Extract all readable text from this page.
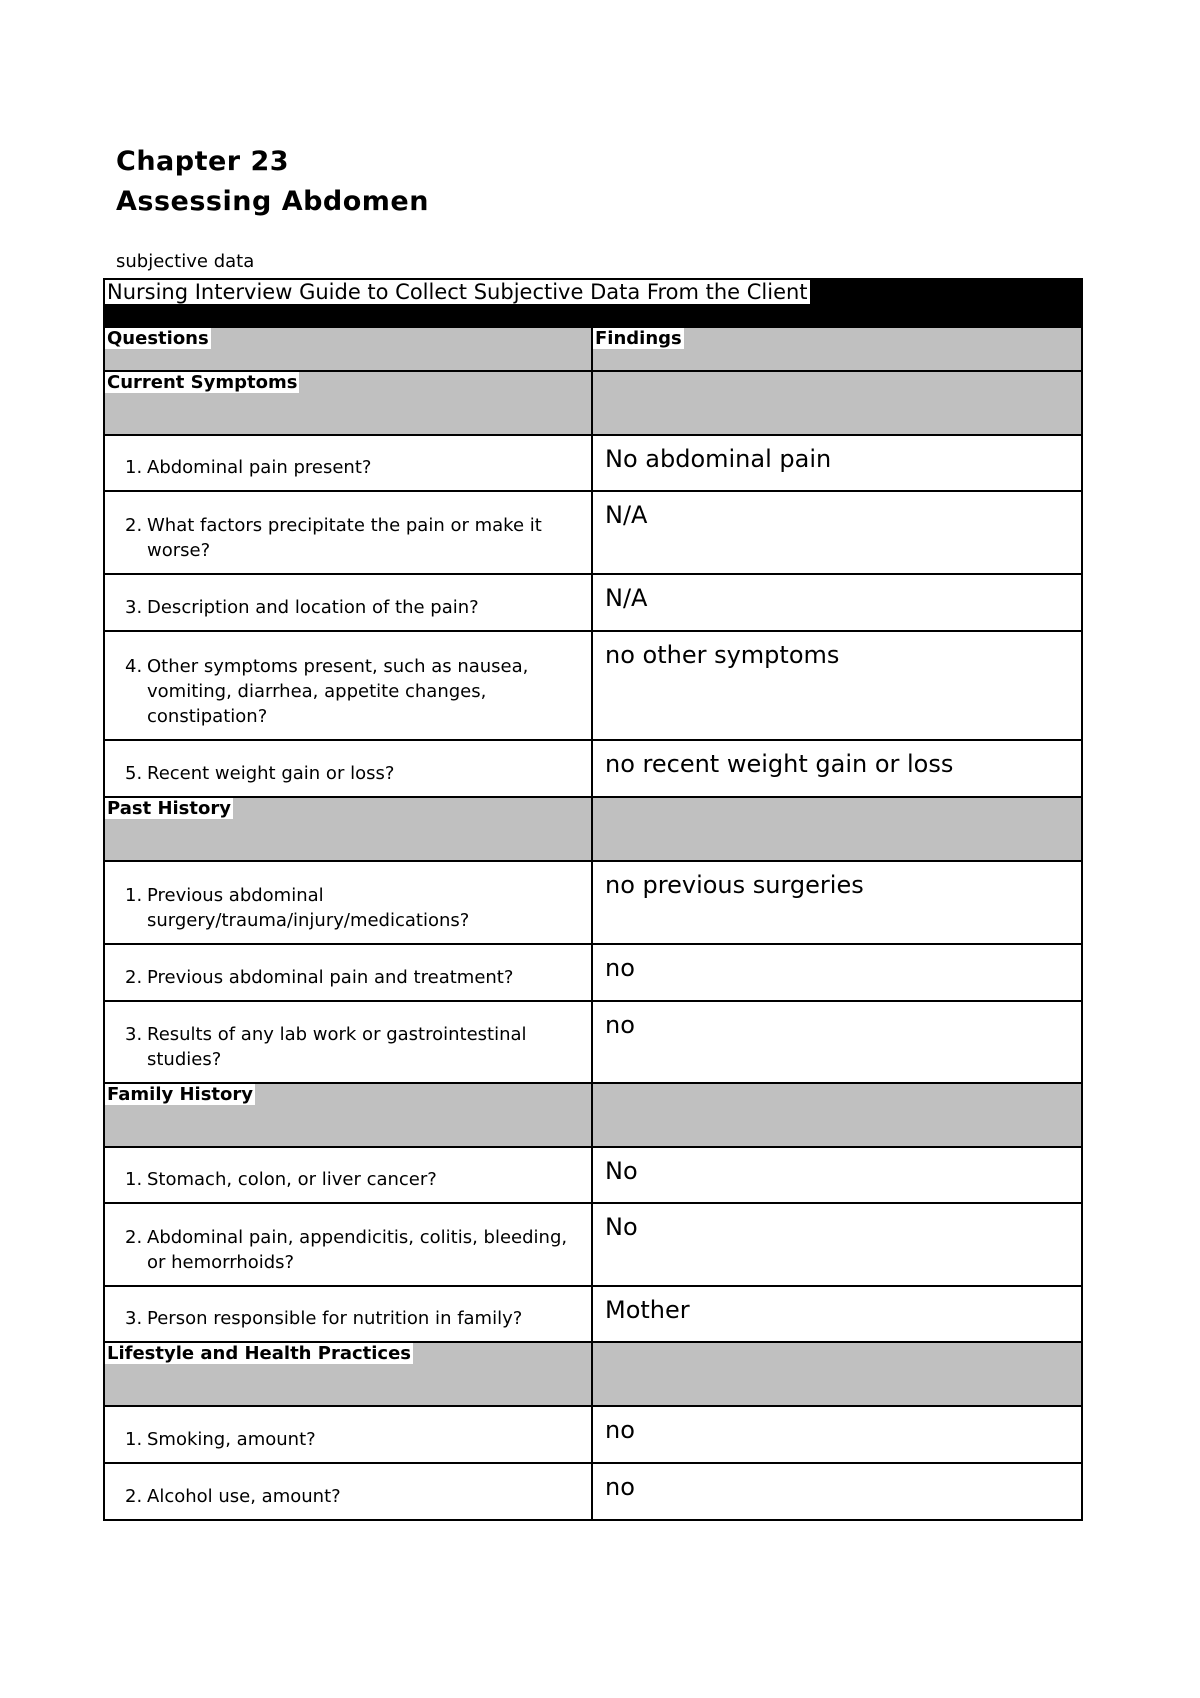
Chapter 23
Assessing Abdomen
subjective data
Nursing Interview Guide to Collect Subjective Data From the Client	
Questions	Findings
Current Symptoms	

1. Abdominal pain present?	No abdominal pain

2. What factors precipitate the pain or make it worse?	N/A

3. Description and location of the pain?	N/A

4. Other symptoms present, such as nausea, vomiting, diarrhea, appetite changes, constipation?	no other symptoms

5. Recent weight gain or loss?	no recent weight gain or loss
Past History	

1. Previous abdominal surgery/trauma/injury/medications?	no previous surgeries

2. Previous abdominal pain and treatment?	no

3. Results of any lab work or gastrointestinal studies?	no
Family History	

1. Stomach, colon, or liver cancer?	No

2. Abdominal pain, appendicitis, colitis, bleeding, or hemorrhoids?	No

3. Person responsible for nutrition in family?	Mother
Lifestyle and Health Practices	

1. Smoking, amount?	no

2. Alcohol use, amount?	no
